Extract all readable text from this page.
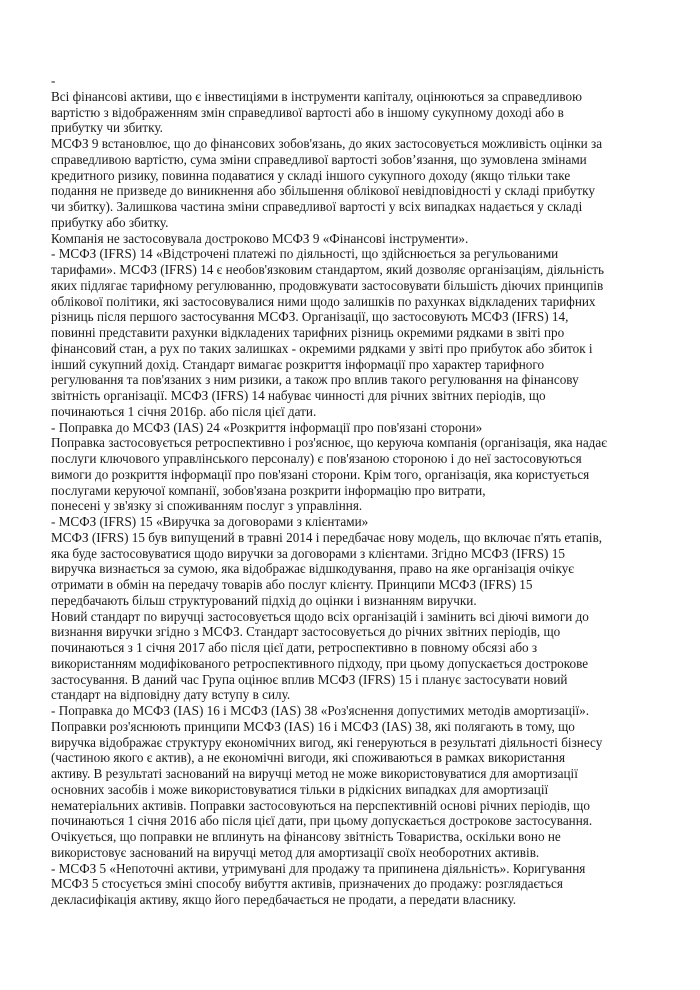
-
Всі фінансові активи, що є інвестиціями в інструменти капіталу, оцінюються за справедливою
вартістю з відображенням змін справедливої вартості або в іншому сукупному доході або в
прибутку чи збитку.
МСФЗ 9 встановлює, що до фінансових зобов'язань, до яких застосовується можливість оцінки за
справедливою вартістю, сума зміни справедливої вартості зобов’язання, що зумовлена змінами
кредитного ризику, повинна подаватися у складі іншого сукупного доходу (якщо тільки таке
подання не призведе до виникнення або збільшення облікової невідповідності у складі прибутку
чи збитку). Залишкова частина зміни справедливої вартості у всіх випадках надається у складі
прибутку або збитку.
Компанія не застосовувала достроково МСФЗ 9 «Фінансові інструменти».
- МСФЗ (IFRS) 14 «Відстрочені платежі по діяльності, що здійснюється за регульованими
тарифами». МСФЗ (IFRS) 14 є необов'язковим стандартом, який дозволяє організаціям, діяльність
яких підлягає тарифному регулюванню, продовжувати застосовувати більшість діючих принципів
облікової політики, які застосовувалися ними щодо залишків по рахунках відкладених тарифних
різниць після першого застосування МСФЗ. Організації, що застосовують МСФЗ (IFRS) 14,
повинні представити рахунки відкладених тарифних різниць окремими рядками в звіті про
фінансовий стан, а рух по таких залишках - окремими рядками у звіті про прибуток або збиток і
інший сукупний дохід. Стандарт вимагає розкриття інформації про характер тарифного
регулювання та пов'язаних з ним ризики, а також про вплив такого регулювання на фінансову
звітність організації. МСФЗ (IFRS) 14 набуває чинності для річних звітних періодів, що
починаються 1 січня 2016р. або після цієї дати.
- Поправка до МСФЗ (IAS) 24 «Розкриття інформації про пов'язані сторони»
Поправка застосовується ретроспективно і роз'яснює, що керуюча компанія (організація, яка надає
послуги ключового управлінського персоналу) є пов'язаною стороною і до неї застосовуються
вимоги до розкриття інформації про пов'язані сторони. Крім того, організація, яка користується
послугами керуючої компанії, зобов'язана розкрити інформацію про витрати,
понесені у зв'язку зі споживанням послуг з управління.
- МСФЗ (IFRS) 15 «Виручка за договорами з клієнтами»
МСФЗ (IFRS) 15 був випущений в травні 2014 і передбачає нову модель, що включає п'ять етапів,
яка буде застосовуватися щодо виручки за договорами з клієнтами. Згідно МСФЗ (IFRS) 15
виручка визнається за сумою, яка відображає відшкодування, право на яке організація очікує
отримати в обмін на передачу товарів або послуг клієнту. Принципи МСФЗ (IFRS) 15
передбачають більш структурований підхід до оцінки і визнанням виручки.
Новий стандарт по виручці застосовується щодо всіх організацій і замінить всі діючі вимоги до
визнання виручки згідно з МСФЗ. Стандарт застосовується до річних звітних періодів, що
починаються з 1 січня 2017 або після цієї дати, ретроспективно в повному обсязі або з
використанням модифікованого ретроспективного підходу, при цьому допускається дострокове
застосування. В даний час Група оцінює вплив МСФЗ (IFRS) 15 і планує застосувати новий
стандарт на відповідну дату вступу в силу.
- Поправка до МСФЗ (IAS) 16 і МСФЗ (IAS) 38 «Роз'яснення допустимих методів амортизації».
Поправки роз'яснюють принципи МСФЗ (IAS) 16 і МСФЗ (IAS) 38, які полягають в тому, що
виручка відображає структуру економічних вигод, які генеруються в результаті діяльності бізнесу
(частиною якого є актив), а не економічні вигоди, які споживаються в рамках використання
активу. В результаті заснований на виручці метод не може використовуватися для амортизації
основних засобів і може використовуватися тільки в рідкісних випадках для амортизації
нематеріальних активів. Поправки застосовуються на перспективній основі річних періодів, що
починаються 1 січня 2016 або після цієї дати, при цьому допускається дострокове застосування.
Очікується, що поправки не вплинуть на фінансову звітність Товариства, оскільки воно не
використовує заснований на виручці метод для амортизації своїх необоротних активів.
- МСФЗ 5 «Непоточні активи, утримувані для продажу та припинена діяльність». Коригування
МСФЗ 5 стосується зміні способу вибуття активів, призначених до продажу: розглядається
декласифікація активу, якщо його передбачається не продати, а передати власнику.
